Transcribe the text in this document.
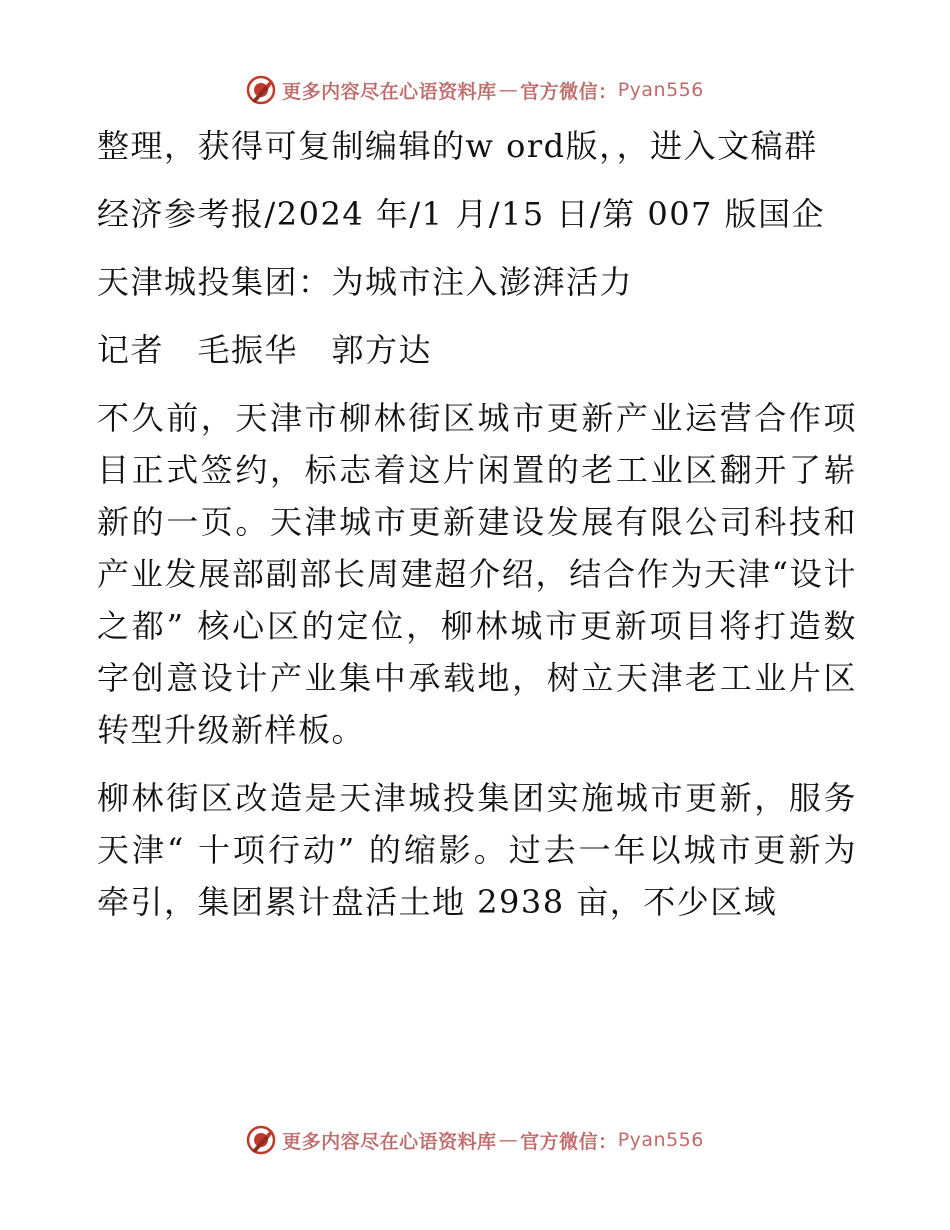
更多内容尽在心语资料库 — 官方微信： Pyan556

整理，获得可复制编辑的w ord版，，进入文稿群

经济参考报/2024 年/1 月/15 日/第 007 版国企

天津城投集团：为城市注入澎湃活力

记者　毛振华　郭方达

不久前，天津市柳林街区城市更新产业运营合作项目正式签约，标志着这片闲置的老工业区翻开了崭新的一页。天津城市更新建设发展有限公司科技和产业发展部副部长周建超介绍，结合作为天津“设计之都” 核心区的定位，柳林城市更新项目将打造数字创意设计产业集中承载地，树立天津老工业片区转型升级新样板。

柳林街区改造是天津城投集团实施城市更新，服务天津“ 十项行动” 的缩影。过去一年以城市更新为牵引，集团累计盘活土地 2938 亩，不少区域

更多内容尽在心语资料库 — 官方微信： Pyan556
